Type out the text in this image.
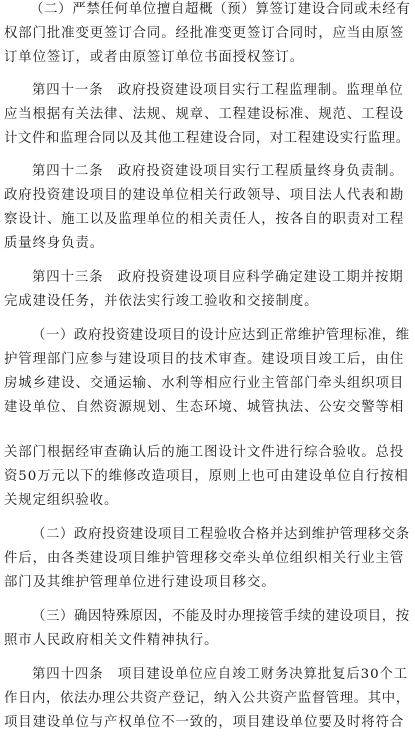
（二）严禁任何单位擅自超概（预）算签订建设合同或未经有
权部门批准变更签订合同。经批准变更签订合同时，应当由原签
订单位签订，或者由原签订单位书面授权签订。
第四十一条　政府投资建设项目实行工程监理制。监理单位
应当根据有关法律、法规、规章、工程建设标准、规范、工程设
计文件和监理合同以及其他工程建设合同，对工程建设实行监理。
第四十二条　政府投资建设项目实行工程质量终身负责制。
政府投资建设项目的建设单位相关行政领导、项目法人代表和勘
察设计、施工以及监理单位的相关责任人，按各自的职责对工程
质量终身负责。
第四十三条　政府投资建设项目应科学确定建设工期并按期
完成建设任务，并依法实行竣工验收和交接制度。
（一）政府投资建设项目的设计应达到正常维护管理标准，维
护管理部门应参与建设项目的技术审查。建设项目竣工后，由住
房城乡建设、交通运输、水利等相应行业主管部门牵头组织项目
建设单位、自然资源规划、生态环境、城管执法、公安交警等相
关部门根据经审查确认后的施工图设计文件进行综合验收。总投
资50万元以下的维修改造项目，原则上也可由建设单位自行按相
关规定组织验收。
（二）政府投资建设项目工程验收合格并达到维护管理移交条
件后，由各类建设项目维护管理移交牵头单位组织相关行业主管
部门及其维护管理单位进行建设项目移交。
（三）确因特殊原因，不能及时办理接管手续的建设项目，按
照市人民政府相关文件精神执行。
第四十四条　项目建设单位应自竣工财务决算批复后30个工
作日内，依法办理公共资产登记，纳入公共资产监督管理。其中，
项目建设单位与产权单位不一致的，项目建设单位要及时将符合
